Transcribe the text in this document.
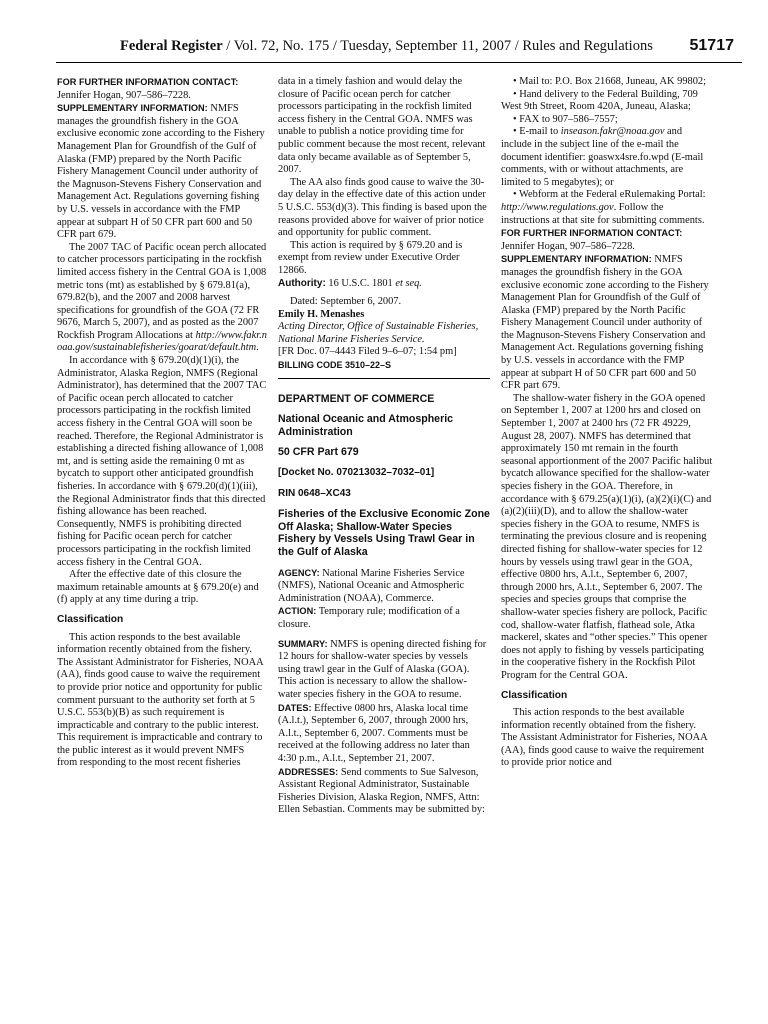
Federal Register / Vol. 72, No. 175 / Tuesday, September 11, 2007 / Rules and Regulations 51717

FOR FURTHER INFORMATION CONTACT:
Jennifer Hogan, 907–586–7228.

SUPPLEMENTARY INFORMATION: NMFS manages the groundfish fishery in the GOA exclusive economic zone according to the Fishery Management Plan for Groundfish of the Gulf of Alaska (FMP) prepared by the North Pacific Fishery Management Council under authority of the Magnuson-Stevens Fishery Conservation and Management Act. Regulations governing fishing by U.S. vessels in accordance with the FMP appear at subpart H of 50 CFR part 600 and 50 CFR part 679.

The 2007 TAC of Pacific ocean perch allocated to catcher processors participating in the rockfish limited access fishery in the Central GOA is 1,008 metric tons (mt) as established by § 679.81(a), 679.82(b), and the 2007 and 2008 harvest specifications for groundfish of the GOA (72 FR 9676, March 5, 2007), and as posted as the 2007 Rockfish Program Allocations at http://www.fakr.noaa.gov/sustainablefisheries/goarat/default.htm.

In accordance with § 679.20(d)(1)(i), the Administrator, Alaska Region, NMFS (Regional Administrator), has determined that the 2007 TAC of Pacific ocean perch allocated to catcher processors participating in the rockfish limited access fishery in the Central GOA will soon be reached. Therefore, the Regional Administrator is establishing a directed fishing allowance of 1,008 mt, and is setting aside the remaining 0 mt as bycatch to support other anticipated groundfish fisheries. In accordance with § 679.20(d)(1)(iii), the Regional Administrator finds that this directed fishing allowance has been reached. Consequently, NMFS is prohibiting directed fishing for Pacific ocean perch for catcher processors participating in the rockfish limited access fishery in the Central GOA.

After the effective date of this closure the maximum retainable amounts at § 679.20(e) and (f) apply at any time during a trip.

Classification

This action responds to the best available information recently obtained from the fishery. The Assistant Administrator for Fisheries, NOAA (AA), finds good cause to waive the requirement to provide prior notice and opportunity for public comment pursuant to the authority set forth at 5 U.S.C. 553(b)(B) as such requirement is impracticable and contrary to the public interest. This requirement is impracticable and contrary to the public interest as it would prevent NMFS from responding to the most recent fisheries

data in a timely fashion and would delay the closure of Pacific ocean perch for catcher processors participating in the rockfish limited access fishery in the Central GOA. NMFS was unable to publish a notice providing time for public comment because the most recent, relevant data only became available as of September 5, 2007.

The AA also finds good cause to waive the 30-day delay in the effective date of this action under 5 U.S.C. 553(d)(3). This finding is based upon the reasons provided above for waiver of prior notice and opportunity for public comment.

This action is required by § 679.20 and is exempt from review under Executive Order 12866.

Authority: 16 U.S.C. 1801 et seq.

Dated: September 6, 2007.

Emily H. Menashes

Acting Director, Office of Sustainable Fisheries, National Marine Fisheries Service.

[FR Doc. 07–4443 Filed 9–6–07; 1:54 pm]

BILLING CODE 3510–22–S

DEPARTMENT OF COMMERCE

National Oceanic and Atmospheric Administration

50 CFR Part 679

[Docket No. 070213032–7032–01]

RIN 0648–XC43

Fisheries of the Exclusive Economic Zone Off Alaska; Shallow-Water Species Fishery by Vessels Using Trawl Gear in the Gulf of Alaska

AGENCY: National Marine Fisheries Service (NMFS), National Oceanic and Atmospheric Administration (NOAA), Commerce.

ACTION: Temporary rule; modification of a closure.

SUMMARY: NMFS is opening directed fishing for 12 hours for shallow-water species by vessels using trawl gear in the Gulf of Alaska (GOA). This action is necessary to allow the shallow-water species fishery in the GOA to resume.

DATES: Effective 0800 hrs, Alaska local time (A.l.t.), September 6, 2007, through 2000 hrs, A.l.t., September 6, 2007. Comments must be received at the following address no later than 4:30 p.m., A.l.t., September 21, 2007.

ADDRESSES: Send comments to Sue Salveson, Assistant Regional Administrator, Sustainable Fisheries Division, Alaska Region, NMFS, Attn: Ellen Sebastian. Comments may be submitted by:

• Mail to: P.O. Box 21668, Juneau, AK 99802;

• Hand delivery to the Federal Building, 709 West 9th Street, Room 420A, Juneau, Alaska;

• FAX to 907–586–7557;

• E-mail to inseason.fakr@noaa.gov and include in the subject line of the e-mail the document identifier: goaswx4sre.fo.wpd (E-mail comments, with or without attachments, are limited to 5 megabytes); or

• Webform at the Federal eRulemaking Portal: http://www.regulations.gov. Follow the instructions at that site for submitting comments.

FOR FURTHER INFORMATION CONTACT:
Jennifer Hogan, 907–586–7228.

SUPPLEMENTARY INFORMATION: NMFS manages the groundfish fishery in the GOA exclusive economic zone according to the Fishery Management Plan for Groundfish of the Gulf of Alaska (FMP) prepared by the North Pacific Fishery Management Council under authority of the Magnuson-Stevens Fishery Conservation and Management Act. Regulations governing fishing by U.S. vessels in accordance with the FMP appear at subpart H of 50 CFR part 600 and 50 CFR part 679.

The shallow-water fishery in the GOA opened on September 1, 2007 at 1200 hrs and closed on September 1, 2007 at 2400 hrs (72 FR 49229, August 28, 2007). NMFS has determined that approximately 150 mt remain in the fourth seasonal apportionment of the 2007 Pacific halibut bycatch allowance specified for the shallow-water species fishery in the GOA. Therefore, in accordance with § 679.25(a)(1)(i), (a)(2)(i)(C) and (a)(2)(iii)(D), and to allow the shallow-water species fishery in the GOA to resume, NMFS is terminating the previous closure and is reopening directed fishing for shallow-water species for 12 hours by vessels using trawl gear in the GOA, effective 0800 hrs, A.l.t., September 6, 2007, through 2000 hrs, A.l.t., September 6, 2007. The species and species groups that comprise the shallow-water species fishery are pollock, Pacific cod, shallow-water flatfish, flathead sole, Atka mackerel, skates and “other species.” This opener does not apply to fishing by vessels participating in the cooperative fishery in the Rockfish Pilot Program for the Central GOA.

Classification

This action responds to the best available information recently obtained from the fishery. The Assistant Administrator for Fisheries, NOAA (AA), finds good cause to waive the requirement to provide prior notice and
